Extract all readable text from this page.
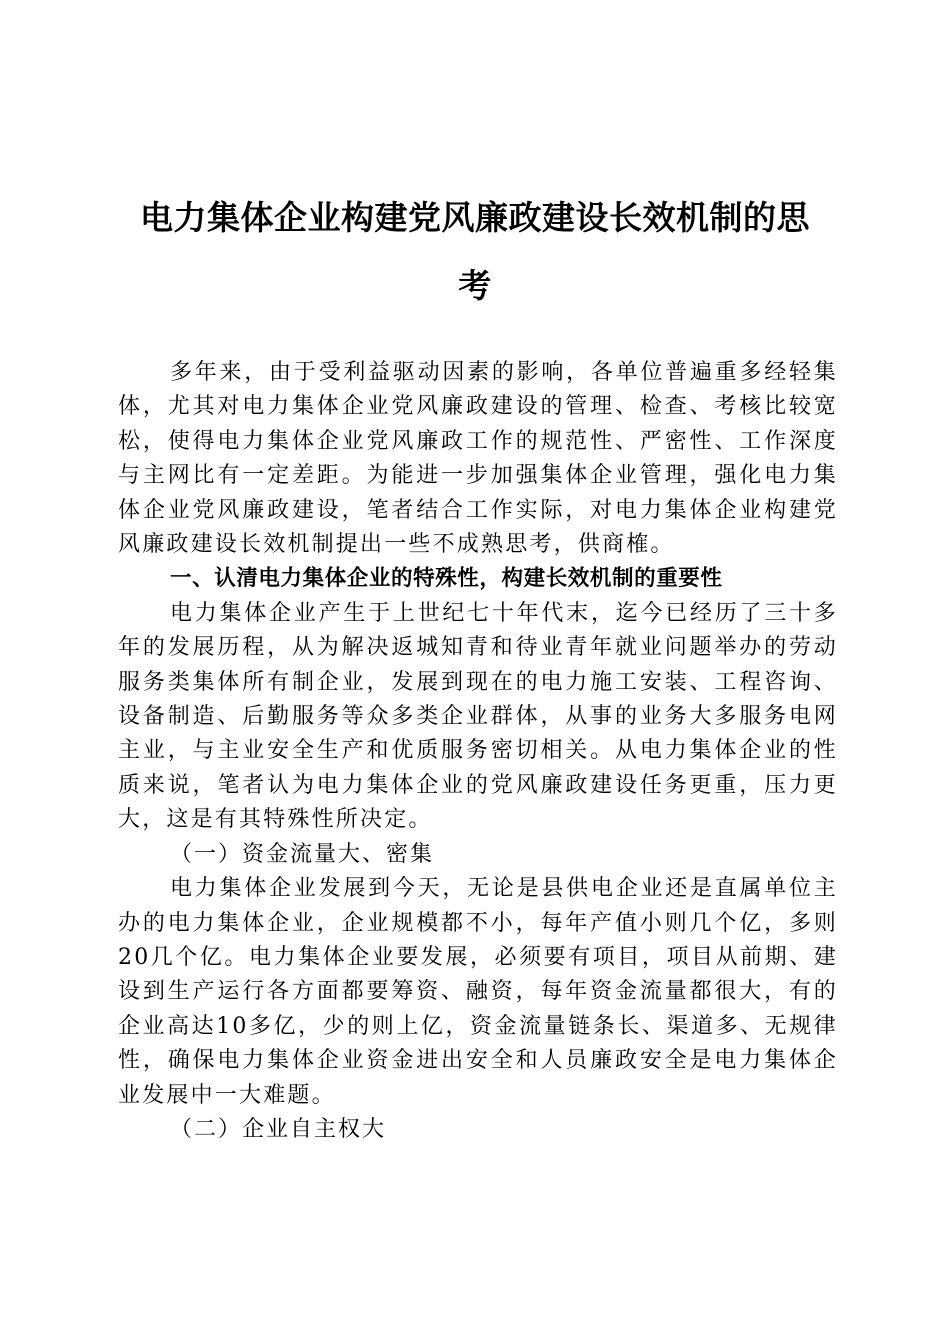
电力集体企业构建党风廉政建设长效机制的思
考

多年来，由于受利益驱动因素的影响，各单位普遍重多经轻集体，尤其对电力集体企业党风廉政建设的管理、检查、考核比较宽松，使得电力集体企业党风廉政工作的规范性、严密性、工作深度与主网比有一定差距。为能进一步加强集体企业管理，强化电力集体企业党风廉政建设，笔者结合工作实际，对电力集体企业构建党风廉政建设长效机制提出一些不成熟思考，供商榷。

一、认清电力集体企业的特殊性，构建长效机制的重要性

电力集体企业产生于上世纪七十年代末，迄今已经历了三十多年的发展历程，从为解决返城知青和待业青年就业问题举办的劳动服务类集体所有制企业，发展到现在的电力施工安装、工程咨询、设备制造、后勤服务等众多类企业群体，从事的业务大多服务电网主业，与主业安全生产和优质服务密切相关。从电力集体企业的性质来说，笔者认为电力集体企业的党风廉政建设任务更重，压力更大，这是有其特殊性所决定。

（一）资金流量大、密集

电力集体企业发展到今天，无论是县供电企业还是直属单位主办的电力集体企业，企业规模都不小，每年产值小则几个亿，多则20几个亿。电力集体企业要发展，必须要有项目，项目从前期、建设到生产运行各方面都要筹资、融资，每年资金流量都很大，有的企业高达10多亿，少的则上亿，资金流量链条长、渠道多、无规律性，确保电力集体企业资金进出安全和人员廉政安全是电力集体企业发展中一大难题。

（二）企业自主权大
